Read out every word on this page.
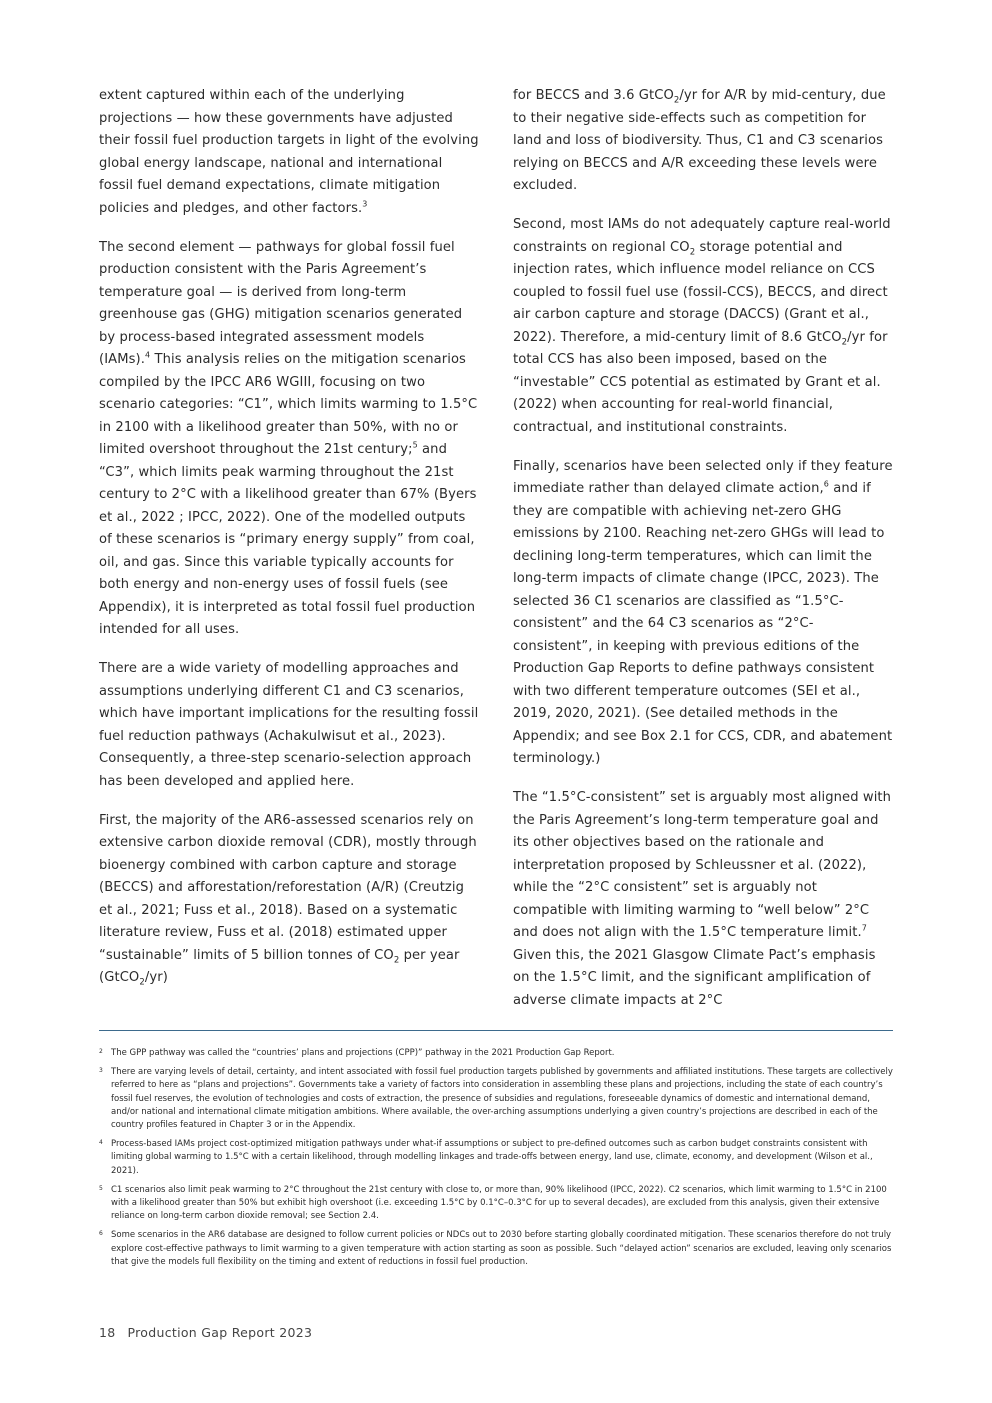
extent captured within each of the underlying projections — how these governments have adjusted their fossil fuel production targets in light of the evolving global energy landscape, national and international fossil fuel demand expectations, climate mitigation policies and pledges, and other factors.$^3$

The second element — pathways for global fossil fuel production consistent with the Paris Agreement’s temperature goal — is derived from long-term greenhouse gas (GHG) mitigation scenarios generated by process-based integrated assessment models (IAMs).$^4$ This analysis relies on the mitigation scenarios compiled by the IPCC AR6 WGIII, focusing on two scenario categories: “C1”, which limits warming to 1.5°C in 2100 with a likelihood greater than 50%, with no or limited overshoot throughout the 21st century;$^5$ and “C3”, which limits peak warming throughout the 21st century to 2°C with a likelihood greater than 67% (Byers et al., 2022 ; IPCC, 2022). One of the modelled outputs of these scenarios is “primary energy supply” from coal, oil, and gas. Since this variable typically accounts for both energy and non-energy uses of fossil fuels (see Appendix), it is interpreted as total fossil fuel production intended for all uses.

There are a wide variety of modelling approaches and assumptions underlying different C1 and C3 scenarios, which have important implications for the resulting fossil fuel reduction pathways (Achakulwisut et al., 2023). Consequently, a three-step scenario-selection approach has been developed and applied here.

First, the majority of the AR6-assessed scenarios rely on extensive carbon dioxide removal (CDR), mostly through bioenergy combined with carbon capture and storage (BECCS) and afforestation/reforestation (A/R) (Creutzig et al., 2021; Fuss et al., 2018). Based on a systematic literature review, Fuss et al. (2018) estimated upper “sustainable” limits of 5 billion tonnes of $CO_2$ per year (GtCO$_2$/yr)

for BECCS and 3.6 GtCO$_2$/yr for A/R by mid-century, due to their negative side-effects such as competition for land and loss of biodiversity. Thus, C1 and C3 scenarios relying on BECCS and A/R exceeding these levels were excluded.

Second, most IAMs do not adequately capture real-world constraints on regional $CO_2$ storage potential and injection rates, which influence model reliance on CCS coupled to fossil fuel use (fossil-CCS), BECCS, and direct air carbon capture and storage (DACCS) (Grant et al., 2022). Therefore, a mid-century limit of 8.6 GtCO$_2$/yr for total CCS has also been imposed, based on the “investable” CCS potential as estimated by Grant et al. (2022) when accounting for real-world financial, contractual, and institutional constraints.

Finally, scenarios have been selected only if they feature immediate rather than delayed climate action,$^6$ and if they are compatible with achieving net-zero GHG emissions by 2100. Reaching net-zero GHGs will lead to declining long-term temperatures, which can limit the long-term impacts of climate change (IPCC, 2023). The selected 36 C1 scenarios are classified as “1.5°C-consistent” and the 64 C3 scenarios as “2°C-consistent”, in keeping with previous editions of the Production Gap Reports to define pathways consistent with two different temperature outcomes (SEI et al., 2019, 2020, 2021). (See detailed methods in the Appendix; and see Box 2.1 for CCS, CDR, and abatement terminology.)

The “1.5°C-consistent” set is arguably most aligned with the Paris Agreement’s long-term temperature goal and its other objectives based on the rationale and interpretation proposed by Schleussner et al. (2022), while the “2°C consistent” set is arguably not compatible with limiting warming to “well below” 2°C and does not align with the 1.5°C temperature limit.$^7$ Given this, the 2021 Glasgow Climate Pact’s emphasis on the 1.5°C limit, and the significant amplification of adverse climate impacts at 2°C

2 The GPP pathway was called the “countries’ plans and projections (CPP)” pathway in the 2021 Production Gap Report.
3 There are varying levels of detail, certainty, and intent associated with fossil fuel production targets published by governments and affiliated institutions. These targets are collectively referred to here as “plans and projections”. Governments take a variety of factors into consideration in assembling these plans and projections, including the state of each country’s fossil fuel reserves, the evolution of technologies and costs of extraction, the presence of subsidies and regulations, foreseeable dynamics of domestic and international demand, and/or national and international climate mitigation ambitions. Where available, the over-arching assumptions underlying a given country’s projections are described in each of the country profiles featured in Chapter 3 or in the Appendix.
4 Process-based IAMs project cost-optimized mitigation pathways under what-if assumptions or subject to pre-defined outcomes such as carbon budget constraints consistent with limiting global warming to 1.5°C with a certain likelihood, through modelling linkages and trade-offs between energy, land use, climate, economy, and development (Wilson et al., 2021).
5 C1 scenarios also limit peak warming to 2°C throughout the 21st century with close to, or more than, 90% likelihood (IPCC, 2022). C2 scenarios, which limit warming to 1.5°C in 2100 with a likelihood greater than 50% but exhibit high overshoot (i.e. exceeding 1.5°C by 0.1°C–0.3°C for up to several decades), are excluded from this analysis, given their extensive reliance on long-term carbon dioxide removal; see Section 2.4.
6 Some scenarios in the AR6 database are designed to follow current policies or NDCs out to 2030 before starting globally coordinated mitigation. These scenarios therefore do not truly explore cost-effective pathways to limit warming to a given temperature with action starting as soon as possible. Such “delayed action” scenarios are excluded, leaving only scenarios that give the models full flexibility on the timing and extent of reductions in fossil fuel production.
18 Production Gap Report 2023
